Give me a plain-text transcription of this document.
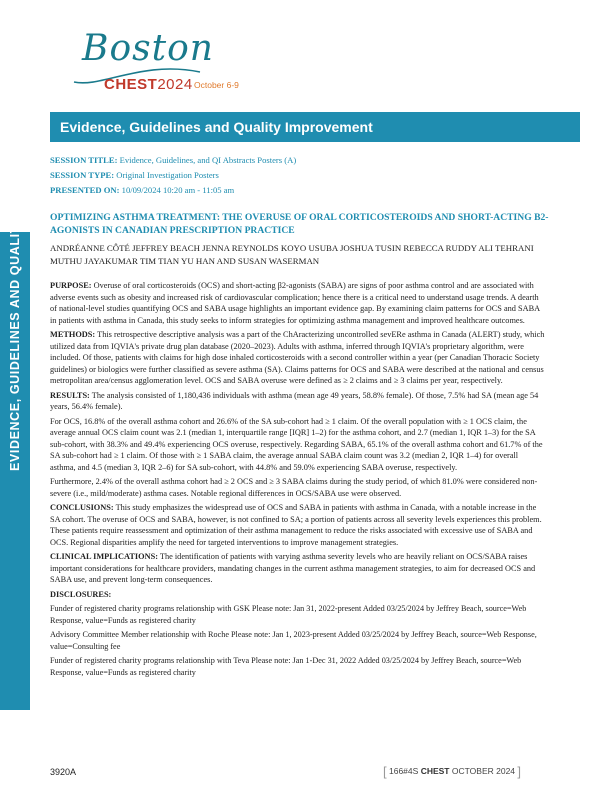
Boston
CHEST2024 October 6-9
Evidence, Guidelines and Quality Improvement
EVIDENCE, GUIDELINES AND QUALITY IMPROVEMENT	SESSION TITLE: Evidence, Guidelines, and QI Abstracts Posters (A)
SESSION TYPE: Original Investigation Posters
PRESENTED ON: 10/09/2024 10:20 am - 11:05 am
OPTIMIZING ASTHMA TREATMENT: THE OVERUSE OF ORAL CORTICOSTEROIDS AND SHORT-ACTING Β2-AGONISTS IN CANADIAN PRESCRIPTION PRACTICE
ANDRÉANNE CÔTÉ JEFFREY BEACH JENNA REYNOLDS KOYO USUBA JOSHUA TUSIN REBECCA RUDDY ALI TEHRANI MUTHU JAYAKUMAR TIM TIAN YU HAN AND SUSAN WASERMAN

PURPOSE: Overuse of oral corticosteroids (OCS) and short-acting β2-agonists (SABA) are signs of poor asthma control and are associated with adverse events such as obesity and increased risk of cardiovascular complication; hence there is a critical need to understand usage trends. A dearth of national-level studies quantifying OCS and SABA usage highlights an important evidence gap. By examining claim patterns for OCS and SABA in patients with asthma in Canada, this study seeks to inform strategies for optimizing asthma management and improved healthcare outcomes.

METHODS: This retrospective descriptive analysis was a part of the ChAracterizing uncontrolled sevERe asthma in Canada (ALERT) study, which utilized data from IQVIA's private drug plan database (2020–2023). Adults with asthma, inferred through IQVIA's proprietary algorithm, were included. Of those, patients with claims for high dose inhaled corticosteroids with a second controller within a year (per Canadian Thoracic Society guidelines) or biologics were further classified as severe asthma (SA). Claims patterns for OCS and SABA were described at the national and census metropolitan area/census agglomeration level. OCS and SABA overuse were defined as ≥ 2 claims and ≥ 3 claims per year, respectively.

RESULTS: The analysis consisted of 1,180,436 individuals with asthma (mean age 49 years, 58.8% female). Of those, 7.5% had SA (mean age 54 years, 56.4% female).

For OCS, 16.8% of the overall asthma cohort and 26.6% of the SA sub-cohort had ≥ 1 claim. Of the overall population with ≥ 1 OCS claim, the average annual OCS claim count was 2.1 (median 1, interquartile range [IQR] 1–2) for the asthma cohort, and 2.7 (median 1, IQR 1–3) for the SA sub-cohort, with 38.3% and 49.4% experiencing OCS overuse, respectively. Regarding SABA, 65.1% of the overall asthma cohort and 61.7% of the SA sub-cohort had ≥ 1 claim. Of those with ≥ 1 SABA claim, the average annual SABA claim count was 3.2 (median 2, IQR 1–4) for overall asthma, and 4.5 (median 3, IQR 2–6) for SA sub-cohort, with 44.8% and 59.0% experiencing SABA overuse, respectively.

Furthermore, 2.4% of the overall asthma cohort had ≥ 2 OCS and ≥ 3 SABA claims during the study period, of which 81.0% were considered non-severe (i.e., mild/moderate) asthma cases. Notable regional differences in OCS/SABA use were observed.

CONCLUSIONS: This study emphasizes the widespread use of OCS and SABA in patients with asthma in Canada, with a notable increase in the SA cohort. The overuse of OCS and SABA, however, is not confined to SA; a portion of patients across all severity levels experiences this problem. These patients require reassessment and optimization of their asthma management to reduce the risks associated with excessive use of SABA and OCS. Regional disparities amplify the need for targeted interventions to improve management strategies.

CLINICAL IMPLICATIONS: The identification of patients with varying asthma severity levels who are heavily reliant on OCS/SABA raises important considerations for healthcare providers, mandating changes in the current asthma management strategies, to aim for decreased OCS and SABA use, and prevent long-term consequences.

DISCLOSURES:

Funder of registered charity programs relationship with GSK Please note: Jan 31, 2022-present Added 03/25/2024 by Jeffrey Beach, source=Web Response, value=Funds as registered charity

Advisory Committee Member relationship with Roche Please note: Jan 1, 2023-present Added 03/25/2024 by Jeffrey Beach, source=Web Response, value=Consulting fee

Funder of registered charity programs relationship with Teva Please note: Jan 1-Dec 31, 2022 Added 03/25/2024 by Jeffrey Beach, source=Web Response, value=Funds as registered charity

3920A	[ 166#4S CHEST OCTOBER 2024 ]
